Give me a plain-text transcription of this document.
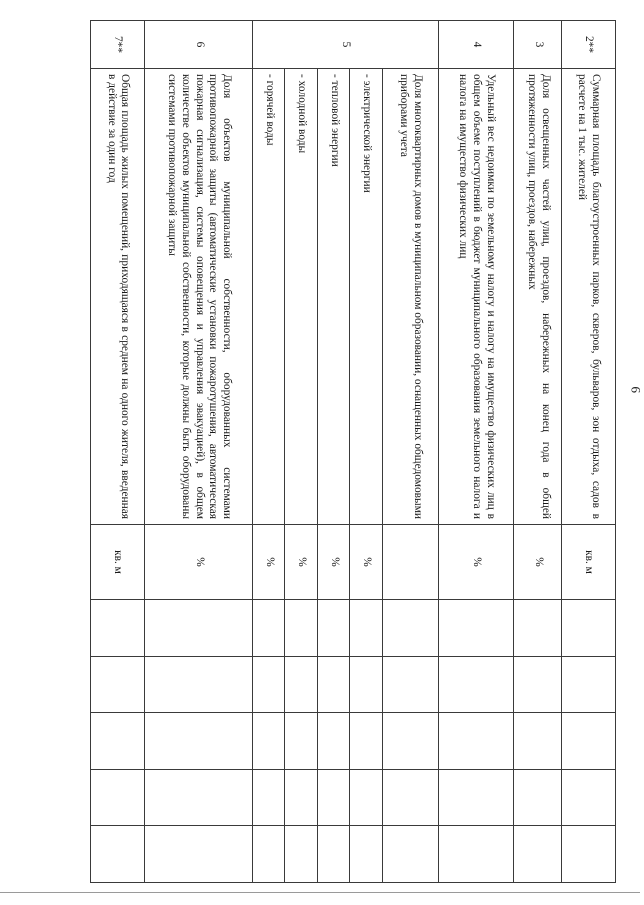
9
2**	Суммарная площадь благоустроенных парков, скверов, бульваров, зон отдыха, садов в расчете на 1 тыс. жителей	кв. м					
3	Доля освещенных частей улиц, проездов, набережных на конец года в общей протяженности улиц, проездов, набережных	%					
4	Удельный вес недоимки по земельному налогу и налогу на имущество физических лиц в общем объеме поступлений в бюджет муниципального образования земельного налога и налога на имущество физических лиц	%					
5	Доля многоквартирных домов в муниципальном образовании, оснащенных общедомовыми приборами учета						
	- электрической энергии	%					
	- тепловой энергии	%					
	- холодной воды	%					
	- горячей воды	%					
6	Доля объектов муниципальной собственности, оборудованных системами противопожарной защиты (автоматические установки пожаротушения, автоматическая пожарная сигнализация, системы оповещения и управления эвакуацией), в общем количестве объектов муниципальной собственности, которые должны быть оборудованы системами противопожарной защиты	%					
7**	Общая площадь жилых помещений, приходящаяся в среднем на одного жителя, введенная в действие за один год	кв. м					
